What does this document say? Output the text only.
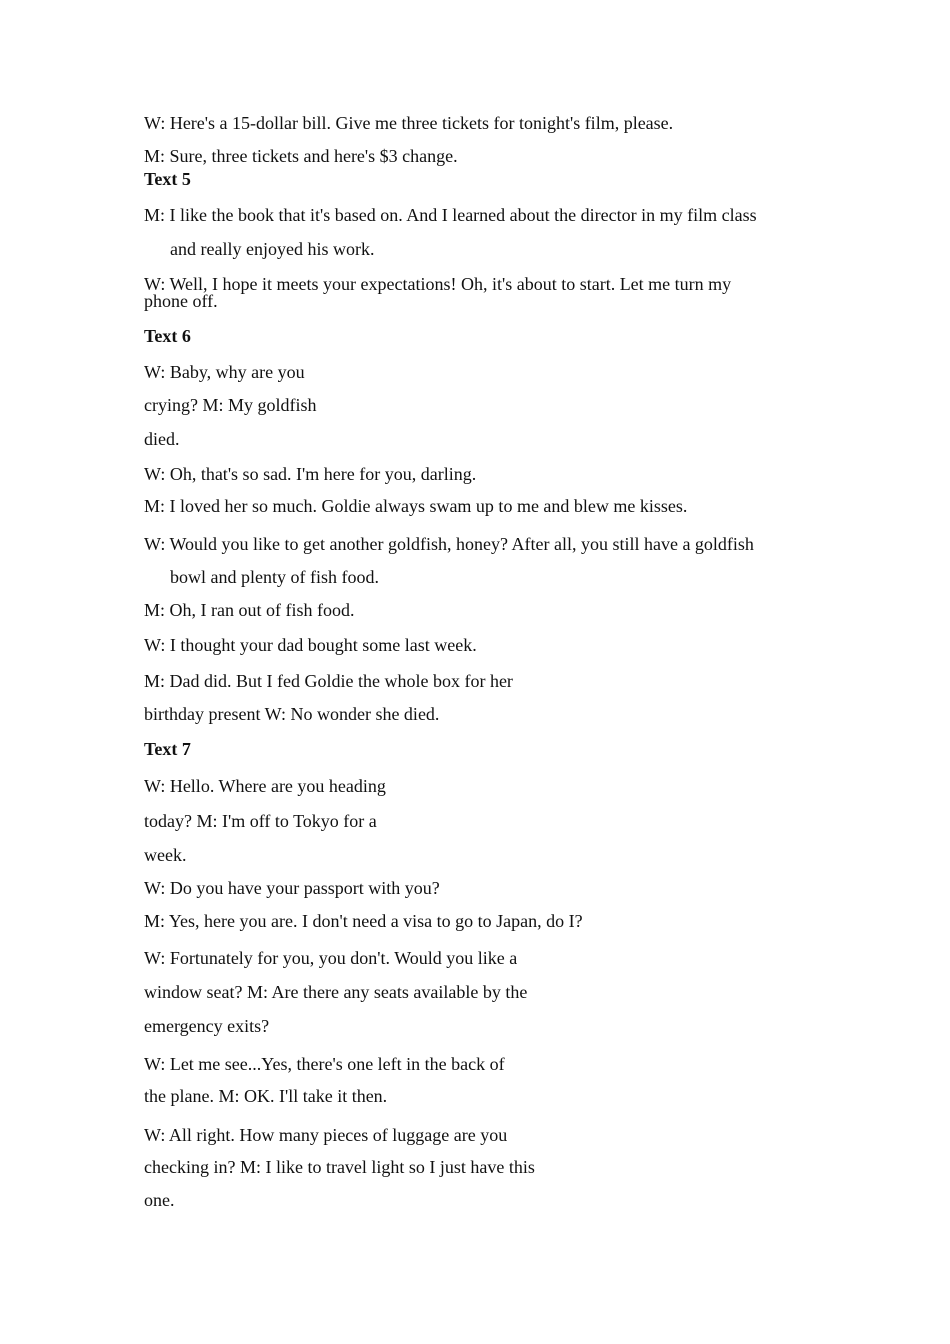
W: Here's a 15-dollar bill. Give me three tickets for tonight's film, please.

M: Sure, three tickets and here's $3 change.

Text 5

M: I like the book that it's based on. And I learned about the director in my film class

and really enjoyed his work.

W: Well, I hope it meets your expectations! Oh, it's about to start. Let me turn my

phone off.

Text 6

W: Baby, why are you

crying? M: My goldfish

died.

W: Oh, that's so sad. I'm here for you, darling.

M: I loved her so much. Goldie always swam up to me and blew me kisses.

W: Would you like to get another goldfish, honey? After all, you still have a goldfish

bowl and plenty of fish food.

M: Oh, I ran out of fish food.

W: I thought your dad bought some last week.

M: Dad did. But I fed Goldie the whole box for her

birthday present W: No wonder she died.

Text 7

W: Hello. Where are you heading

today? M: I'm off to Tokyo for a

week.

W: Do you have your passport with you?

M: Yes, here you are. I don't need a visa to go to Japan, do I?

W: Fortunately for you, you don't. Would you like a

window seat? M: Are there any seats available by the

emergency exits?

W: Let me see...Yes, there's one left in the back of

the plane. M: OK. I'll take it then.

W: All right. How many pieces of luggage are you

checking in? M: I like to travel light so I just have this

one.
